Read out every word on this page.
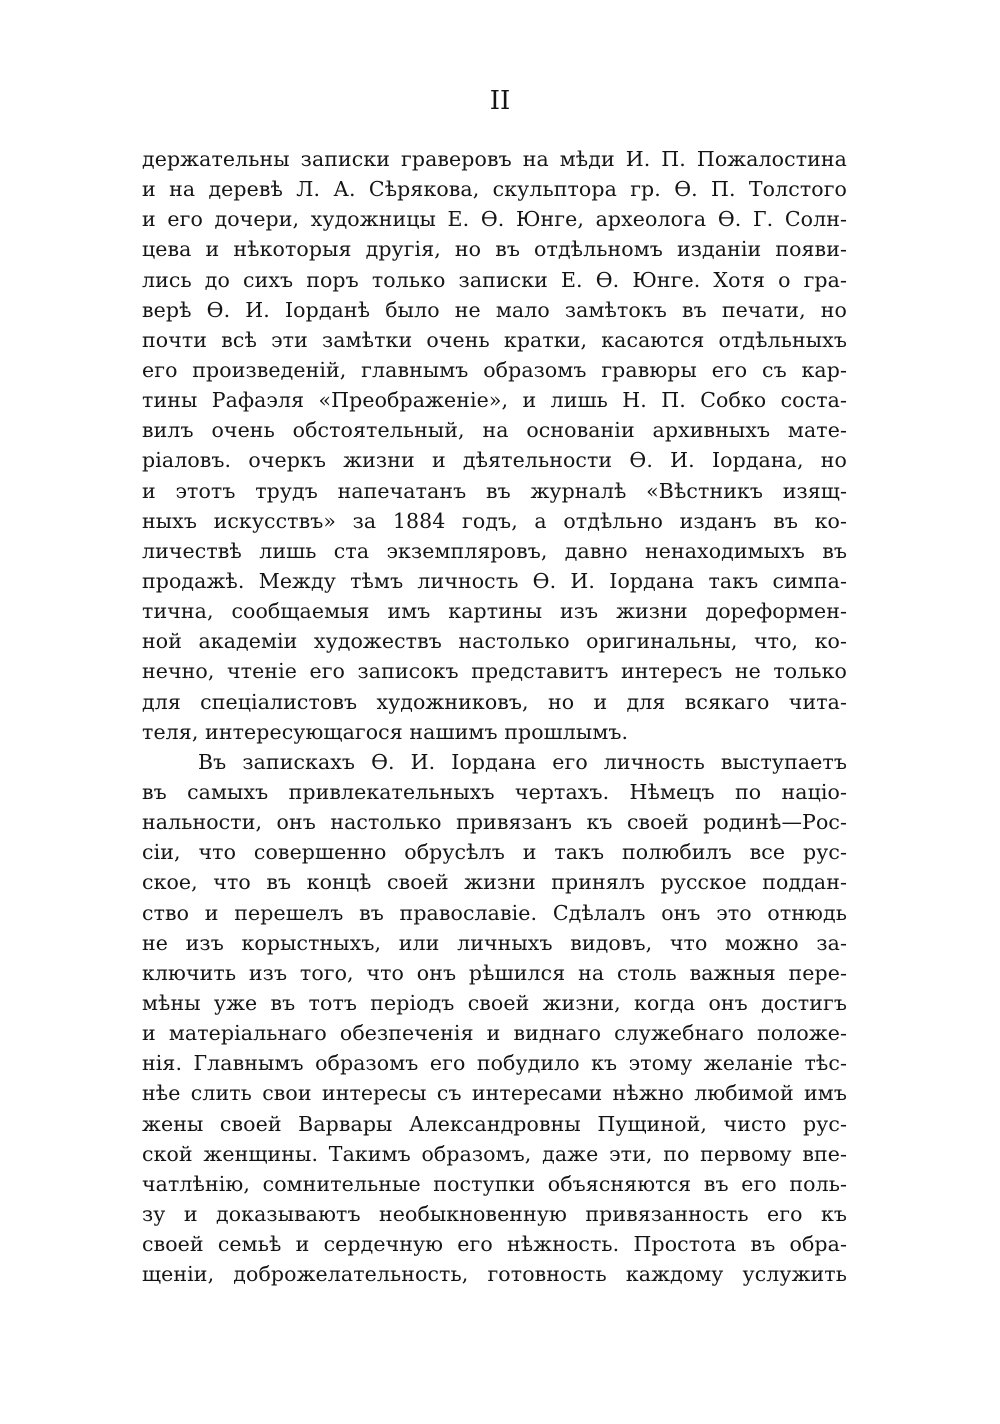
II
держательны записки граверовъ на мѣди И. П. Пожалостина
и на деревѣ Л. А. Сѣрякова, скульптора гр. Ѳ. П. Толстого
и его дочери, художницы Е. Ѳ. Юнге, археолога Ѳ. Г. Солн-
цева и нѣкоторыя другія, но въ отдѣльномъ изданіи появи-
лись до сихъ поръ только записки Е. Ѳ. Юнге. Хотя о гра-
верѣ Ѳ. И. Іорданѣ было не мало замѣтокъ въ печати, но
почти всѣ эти замѣтки очень кратки, касаются отдѣльныхъ
его произведеній, главнымъ образомъ гравюры его съ кар-
тины Рафаэля «Преображеніе», и лишь Н. П. Собко соста-
вилъ очень обстоятельный, на основаніи архивныхъ мате-
ріаловъ. очеркъ жизни и дѣятельности Ѳ. И. Іордана, но
и этотъ трудъ напечатанъ въ журналѣ «Вѣстникъ изящ-
ныхъ искусствъ» за 1884 годъ, а отдѣльно изданъ въ ко-
личествѣ лишь ста экземпляровъ, давно ненаходимыхъ въ
продажѣ. Между тѣмъ личность Ѳ. И. Іордана такъ симпа-
тична, сообщаемыя имъ картины изъ жизни дореформен-
ной академіи художествъ настолько оригинальны, что, ко-
нечно, чтеніе его записокъ представитъ интересъ не только
для спеціалистовъ художниковъ, но и для всякаго чита-
теля, интересующагося нашимъ прошлымъ.
Въ запискахъ Ѳ. И. Іордана его личность выступаетъ
въ самыхъ привлекательныхъ чертахъ. Нѣмецъ по націо-
нальности, онъ настолько привязанъ къ своей родинѣ—Рос-
сіи, что совершенно обрусѣлъ и такъ полюбилъ все рус-
ское, что въ концѣ своей жизни принялъ русское поддан-
ство и перешелъ въ православіе. Сдѣлалъ онъ это отнюдь
не изъ корыстныхъ, или личныхъ видовъ, что можно за-
ключить изъ того, что онъ рѣшился на столь важныя пере-
мѣны уже въ тотъ періодъ своей жизни, когда онъ достигъ
и матеріальнаго обезпеченія и виднаго служебнаго положе-
нія. Главнымъ образомъ его побудило къ этому желаніе тѣс-
нѣе слить свои интересы съ интересами нѣжно любимой имъ
жены своей Варвары Александровны Пущиной, чисто рус-
ской женщины. Такимъ образомъ, даже эти, по первому впе-
чатлѣнію, сомнительные поступки объясняются въ его поль-
зу и доказываютъ необыкновенную привязанность его къ
своей семьѣ и сердечную его нѣжность. Простота въ обра-
щеніи, доброжелательность, готовность каждому услужить
